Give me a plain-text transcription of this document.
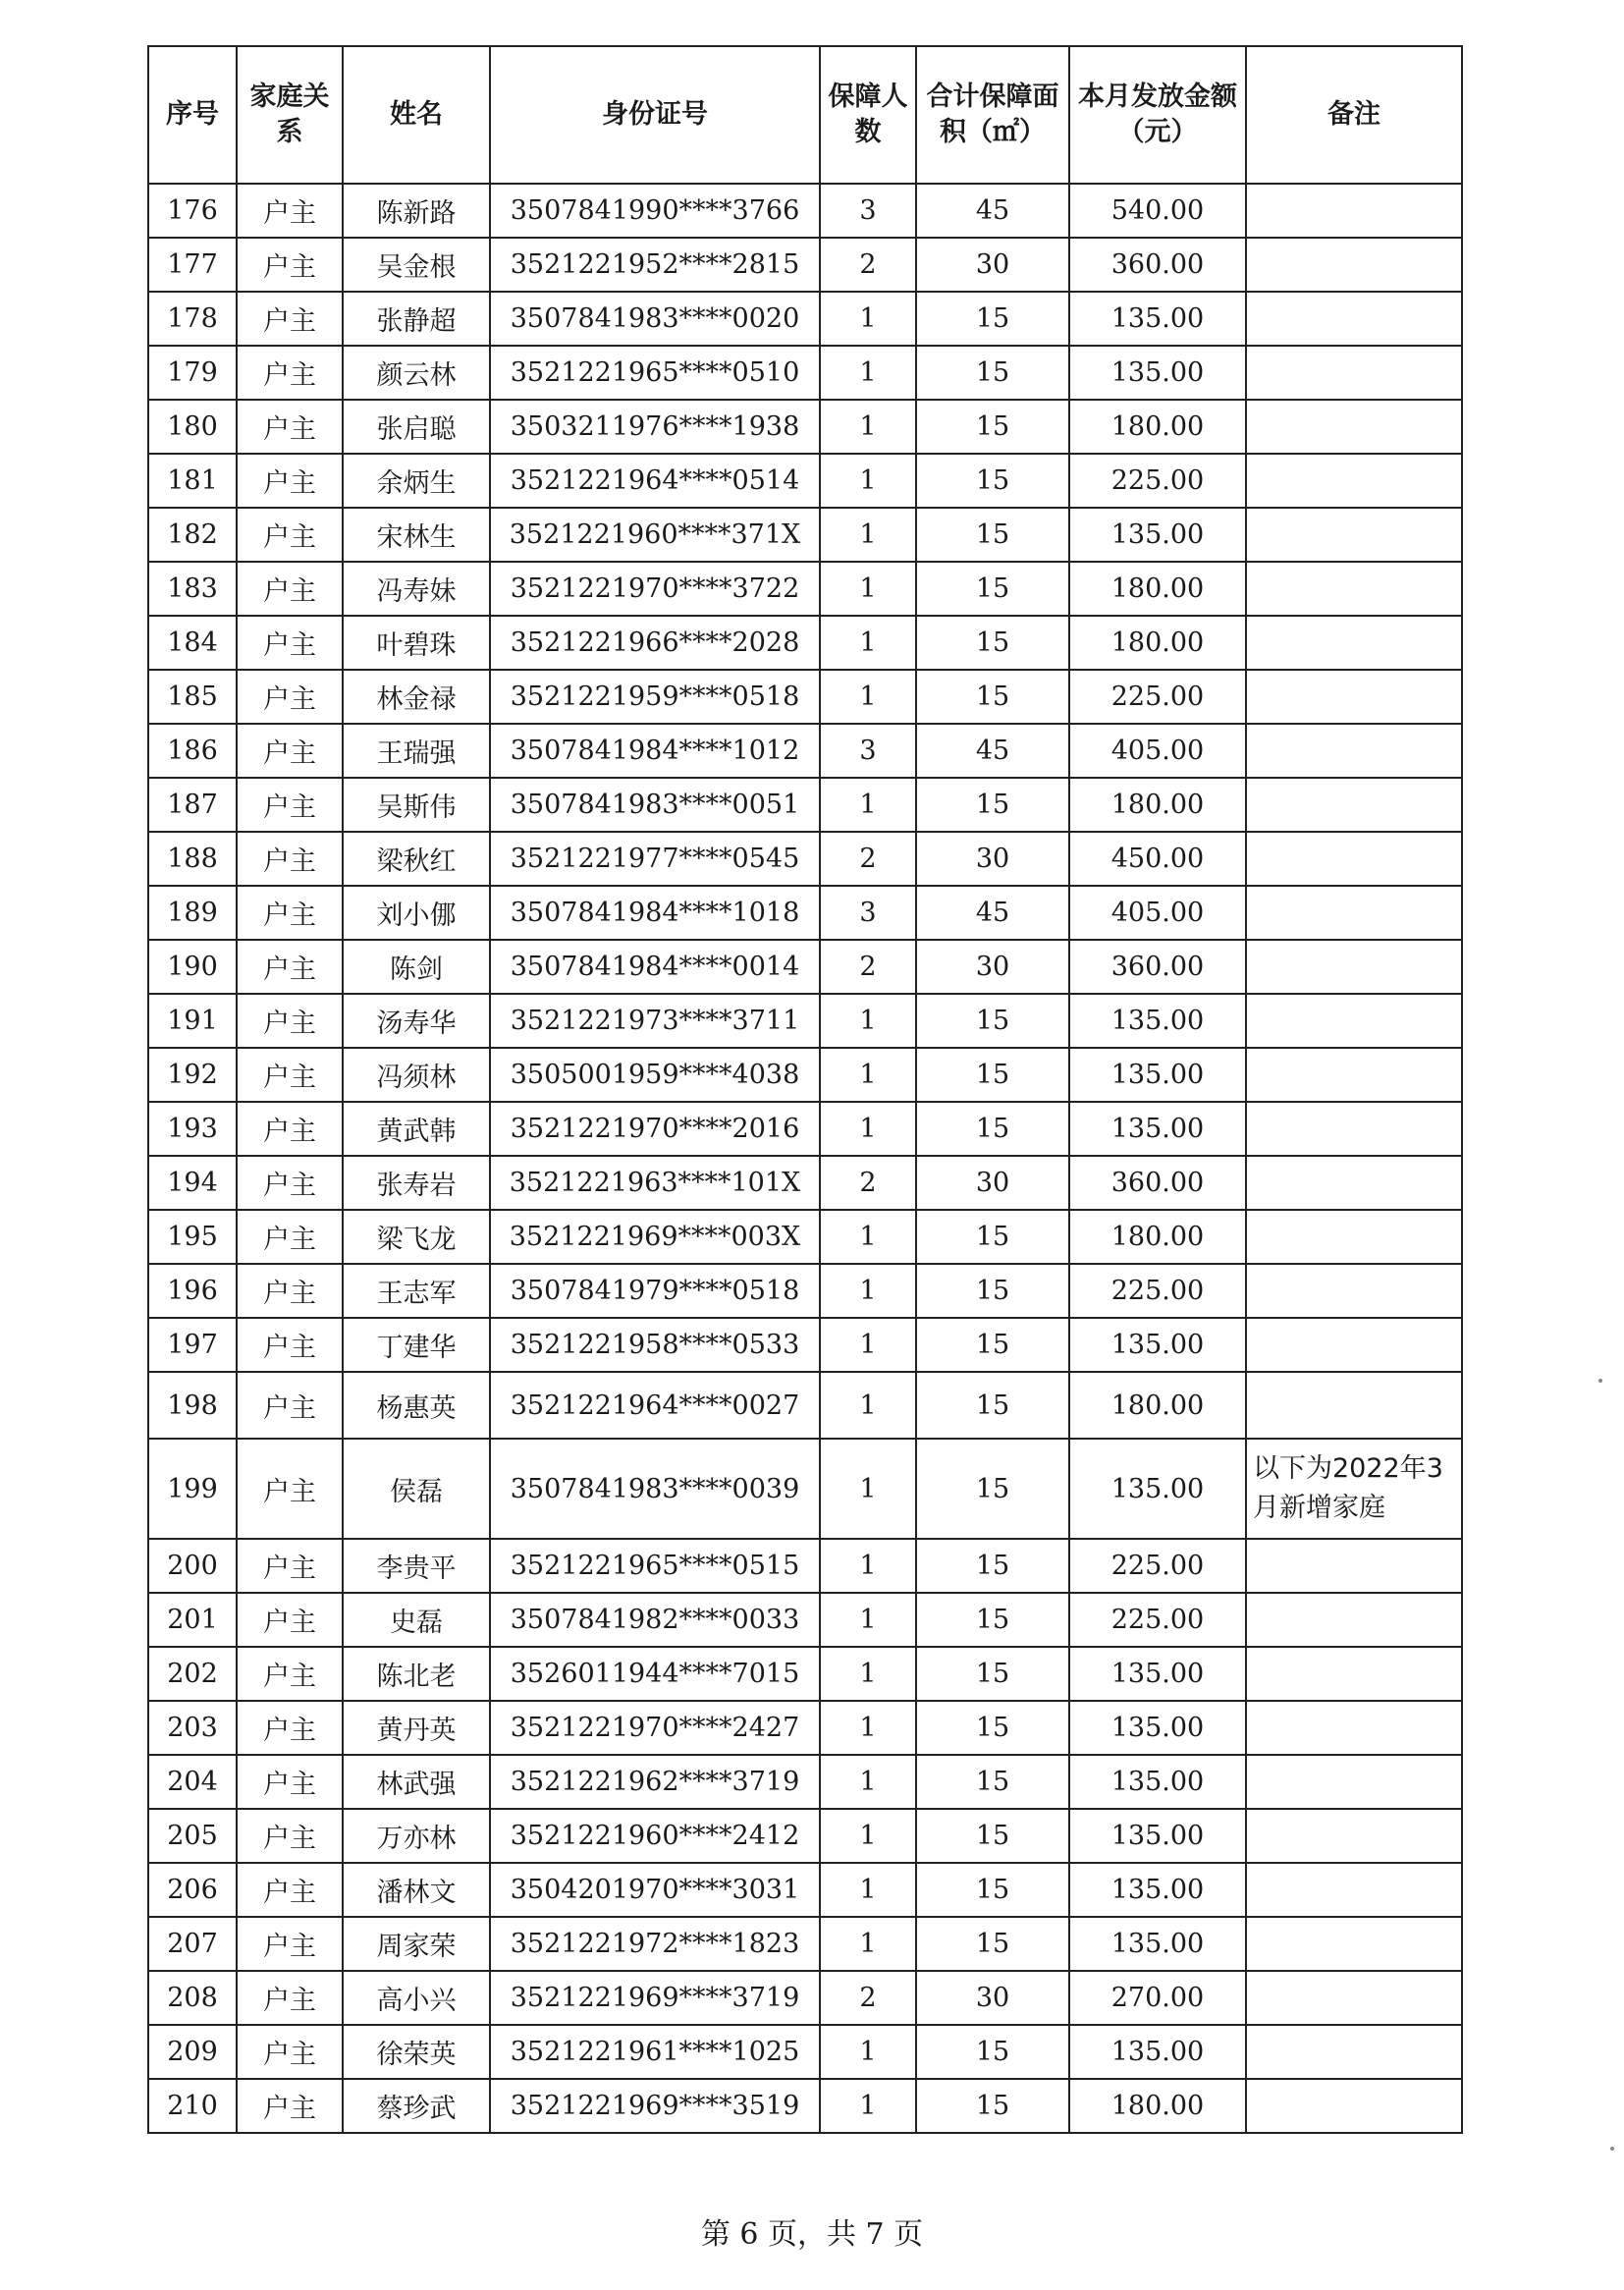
序号	家庭关系	姓名	身份证号	保障人数	合计保障面积（㎡）	本月发放金额（元）	备注
176	户主	陈新路	3507841990****3766	3	45	540.00	
177	户主	吴金根	3521221952****2815	2	30	360.00	
178	户主	张静超	3507841983****0020	1	15	135.00	
179	户主	颜云林	3521221965****0510	1	15	135.00	
180	户主	张启聪	3503211976****1938	1	15	180.00	
181	户主	余炳生	3521221964****0514	1	15	225.00	
182	户主	宋林生	3521221960****371X	1	15	135.00	
183	户主	冯寿妹	3521221970****3722	1	15	180.00	
184	户主	叶碧珠	3521221966****2028	1	15	180.00	
185	户主	林金禄	3521221959****0518	1	15	225.00	
186	户主	王瑞强	3507841984****1012	3	45	405.00	
187	户主	吴斯伟	3507841983****0051	1	15	180.00	
188	户主	梁秋红	3521221977****0545	2	30	450.00	
189	户主	刘小㑚	3507841984****1018	3	45	405.00	
190	户主	陈剑	3507841984****0014	2	30	360.00	
191	户主	汤寿华	3521221973****3711	1	15	135.00	
192	户主	冯须林	3505001959****4038	1	15	135.00	
193	户主	黄武韩	3521221970****2016	1	15	135.00	
194	户主	张寿岩	3521221963****101X	2	30	360.00	
195	户主	梁飞龙	3521221969****003X	1	15	180.00	
196	户主	王志军	3507841979****0518	1	15	225.00	
197	户主	丁建华	3521221958****0533	1	15	135.00	
198	户主	杨惠英	3521221964****0027	1	15	180.00	
199	户主	侯磊	3507841983****0039	1	15	135.00	以下为2022年3月新增家庭
200	户主	李贵平	3521221965****0515	1	15	225.00	
201	户主	史磊	3507841982****0033	1	15	225.00	
202	户主	陈北老	3526011944****7015	1	15	135.00	
203	户主	黄丹英	3521221970****2427	1	15	135.00	
204	户主	林武强	3521221962****3719	1	15	135.00	
205	户主	万亦林	3521221960****2412	1	15	135.00	
206	户主	潘林文	3504201970****3031	1	15	135.00	
207	户主	周家荣	3521221972****1823	1	15	135.00	
208	户主	高小兴	3521221969****3719	2	30	270.00	
209	户主	徐荣英	3521221961****1025	1	15	135.00	
210	户主	蔡珍武	3521221969****3519	1	15	180.00	
第 6 页，共 7 页
